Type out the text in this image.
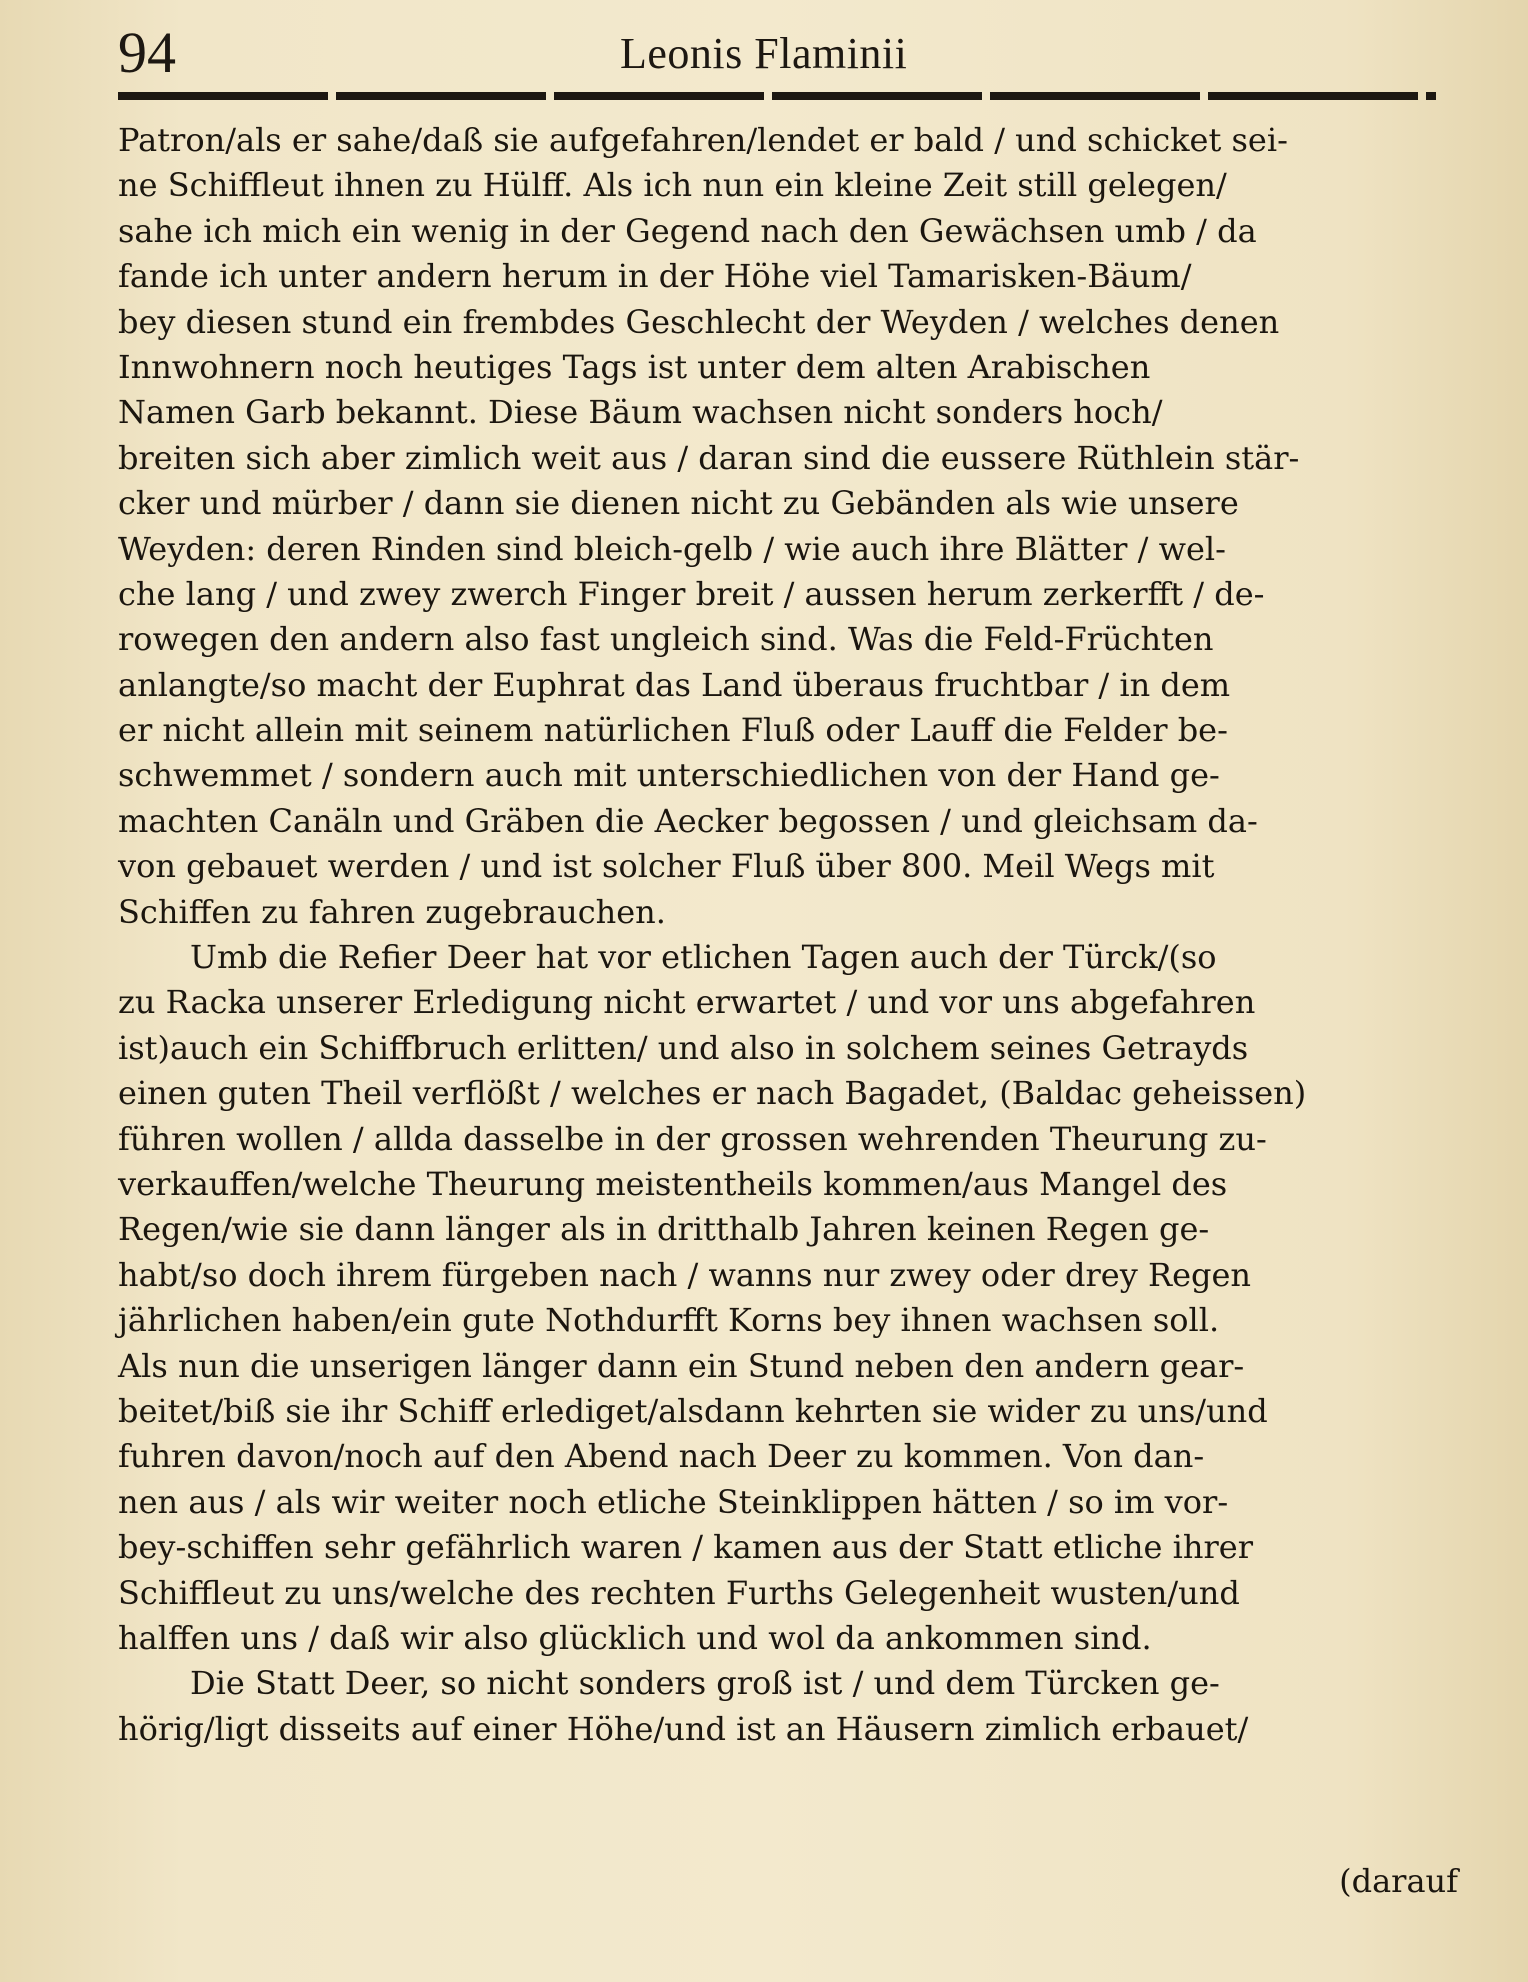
94	Leonis Flaminii
Patron/als er sahe/daß sie aufgefahren/lendet er bald / und schicket sei-
ne Schiffleut ihnen zu Hülff. Als ich nun ein kleine Zeit still gelegen/
sahe ich mich ein wenig in der Gegend nach den Gewächsen umb / da
fande ich unter andern herum in der Höhe viel Tamarisken-Bäum/
bey diesen stund ein frembdes Geschlecht der Weyden / welches denen
Innwohnern noch heutiges Tags ist unter dem alten Arabischen
Namen Garb bekannt. Diese Bäum wachsen nicht sonders hoch/
breiten sich aber zimlich weit aus / daran sind die eussere Rüthlein stär-
cker und mürber / dann sie dienen nicht zu Gebänden als wie unsere
Weyden: deren Rinden sind bleich-gelb / wie auch ihre Blätter / wel-
che lang / und zwey zwerch Finger breit / aussen herum zerkerfft / de-
rowegen den andern also fast ungleich sind. Was die Feld-Früchten
anlangte/so macht der Euphrat das Land überaus fruchtbar / in dem
er nicht allein mit seinem natürlichen Fluß oder Lauff die Felder be-
schwemmet / sondern auch mit unterschiedlichen von der Hand ge-
machten Canäln und Gräben die Aecker begossen / und gleichsam da-
von gebauet werden / und ist solcher Fluß über 800. Meil Wegs mit
Schiffen zu fahren zugebrauchen.
Umb die Refier Deer hat vor etlichen Tagen auch der Türck/(so
zu Racka unserer Erledigung nicht erwartet / und vor uns abgefahren
ist)auch ein Schiffbruch erlitten/ und also in solchem seines Getrayds
einen guten Theil verflößt / welches er nach Bagadet, (Baldac geheissen)
führen wollen / allda dasselbe in der grossen wehrenden Theurung zu-
verkauffen/welche Theurung meistentheils kommen/aus Mangel des
Regen/wie sie dann länger als in dritthalb Jahren keinen Regen ge-
habt/so doch ihrem fürgeben nach / wanns nur zwey oder drey Regen
jährlichen haben/ein gute Nothdurfft Korns bey ihnen wachsen soll.
Als nun die unserigen länger dann ein Stund neben den andern gear-
beitet/biß sie ihr Schiff erlediget/alsdann kehrten sie wider zu uns/und
fuhren davon/noch auf den Abend nach Deer zu kommen. Von dan-
nen aus / als wir weiter noch etliche Steinklippen hätten / so im vor-
bey-schiffen sehr gefährlich waren / kamen aus der Statt etliche ihrer
Schiffleut zu uns/welche des rechten Furths Gelegenheit wusten/und
halffen uns / daß wir also glücklich und wol da ankommen sind.
Die Statt Deer, so nicht sonders groß ist / und dem Türcken ge-
hörig/ligt disseits auf einer Höhe/und ist an Häusern zimlich erbauet/
(darauf
